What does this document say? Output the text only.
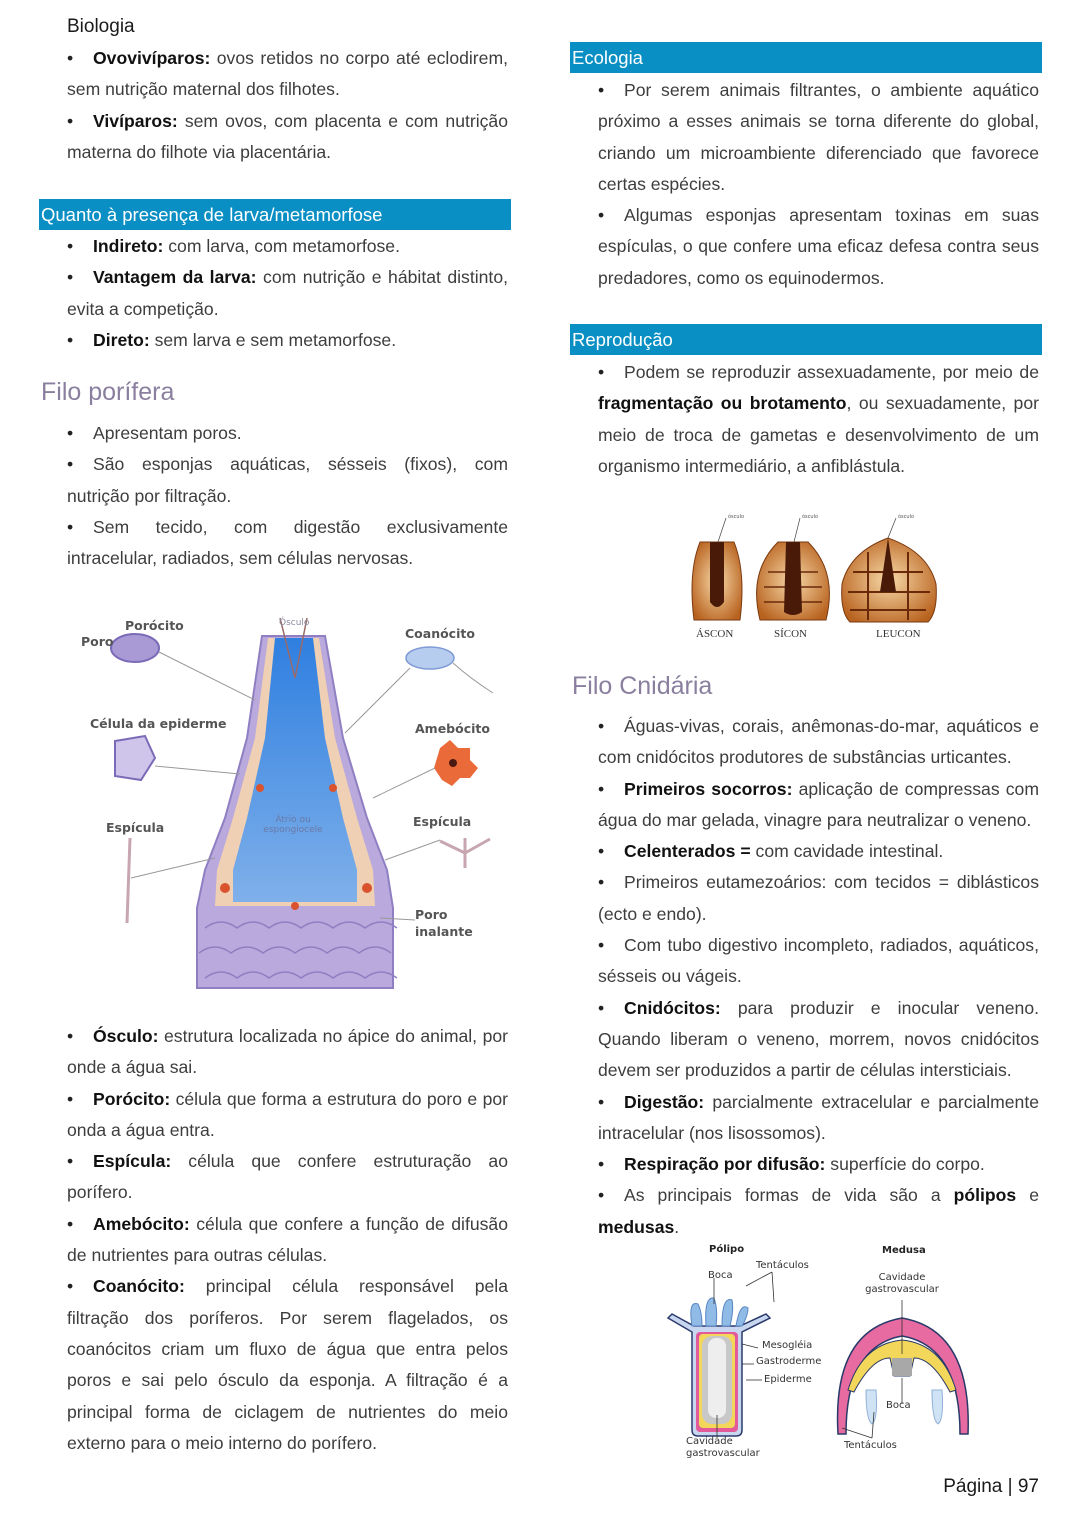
Biologia
• Ovovivíparos: ovos retidos no corpo até eclodirem, sem nutrição maternal dos filhotes.
• Vivíparos: sem ovos, com placenta e com nutrição materna do filhote via placentária.
Quanto à presença de larva/metamorfose
• Indireto: com larva, com metamorfose.
• Vantagem da larva: com nutrição e hábitat distinto, evita a competição.
• Direto: sem larva e sem metamorfose.
Filo porífera
• Apresentam poros.
• São esponjas aquáticas, sésseis (fixos), com nutrição por filtração.
• Sem tecido, com digestão exclusivamente intracelular, radiados, sem células nervosas.
Porócito
Poro
Ósculo
Coanócito
Célula da epiderme	Amebócito
Espícula	Espícula
Átrio ou espongiocele
Poro inalante
• Ósculo: estrutura localizada no ápice do animal, por onde a água sai.
• Porócito: célula que forma a estrutura do poro e por onda a água entra.
• Espícula: célula que confere estruturação ao porífero.
• Amebócito: célula que confere a função de difusão de nutrientes para outras células.
• Coanócito: principal célula responsável pela filtração dos poríferos. Por serem flagelados, os coanócitos criam um fluxo de água que entra pelos poros e sai pelo ósculo da esponja. A filtração é a principal forma de ciclagem de nutrientes do meio externo para o meio interno do porífero.
Ecologia
• Por serem animais filtrantes, o ambiente aquático próximo a esses animais se torna diferente do global, criando um microambiente diferenciado que favorece certas espécies.
• Algumas esponjas apresentam toxinas em suas espículas, o que confere uma eficaz defesa contra seus predadores, como os equinodermos.
Reprodução
• Podem se reproduzir assexuadamente, por meio de fragmentação ou brotamento, ou sexuadamente, por meio de troca de gametas e desenvolvimento de um organismo intermediário, a anfiblástula.
ósculo	ósculo	ósculo
ÁSCON	SÍCON	LEUCON
Filo Cnidária
• Águas-vivas, corais, anêmonas-do-mar, aquáticos e com cnidócitos produtores de substâncias urticantes.
• Primeiros socorros: aplicação de compressas com água do mar gelada, vinagre para neutralizar o veneno.
• Celenterados = com cavidade intestinal.
• Primeiros eutamezoários: com tecidos = diblásticos (ecto e endo).
• Com tubo digestivo incompleto, radiados, aquáticos, sésseis ou vágeis.
• Cnidócitos: para produzir e inocular veneno. Quando liberam o veneno, morrem, novos cnidócitos devem ser produzidos a partir de células intersticiais.
• Digestão: parcialmente extracelular e parcialmente intracelular (nos lisossomos).
• Respiração por difusão: superfície do corpo.
• As principais formas de vida são a pólipos e medusas.
Pólipo	Medusa
Boca
Tentáculos
Mesogléia
Gastroderme
Epiderme
Cavidade gastrovascular
Cavidade gastrovascular
Boca
Tentáculos
Página | 97
